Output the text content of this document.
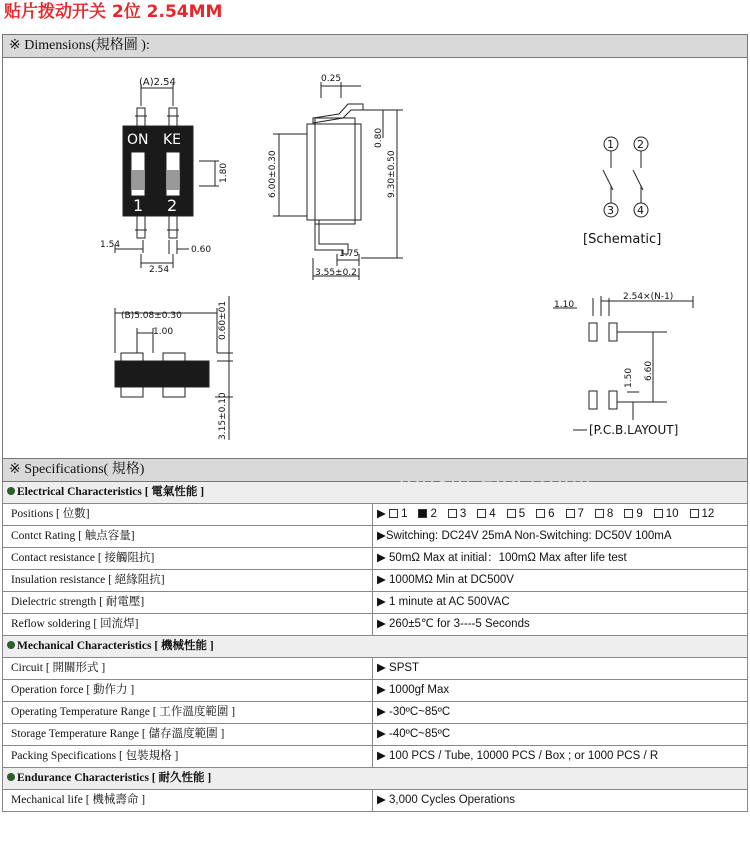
贴片拨动开关 2位 2.54MM
※ Dimensions(規格圖 ):
(A)2.54
ON KE
1 2
1.80
1.54	0.60
2.54
0.25
0.80
6.00±0.30	9.30±0.50
1.75
3.55±0.2
1 2
3 4
[Schematic]
(B)5.08±0.30
1.00	0.60±01
3.15±0.10
1.10
2.54×(N-1)
6.60
1.50
[P.C.B.LAYOUT]
※ Specifications( 規格)
Electrical Characteristics [ 電氣性能 ]
Positions [ 位數]	▶ 1 2 3 4 5 6 7 8 9 10 12
Contct Rating [ 触点容量]	▶Switching: DC24V 25mA Non-Switching: DC50V 100mA
Contact resistance [ 接觸阻抗]	▶ 50mΩ Max at initial：100mΩ Max after life test
Insulation resistance [ 絕緣阻抗]	▶ 1000MΩ Min at DC500V
Dielectric strength [ 耐電壓]	▶ 1 minute at AC 500VAC
Reflow soldering [ 回流焊]	▶ 260±5℃ for 3----5 Seconds
Mechanical Characteristics [ 機械性能 ]
Circuit [ 開關形式 ]	▶ SPST
Operation force [ 動作力 ]	▶ 1000gf Max
Operating Temperature Range [ 工作溫度範圍 ]	▶ -30ºC~85ºC
Storage Temperature Range [ 儲存溫度範圍 ]	▶ -40ºC~85ºC
Packing Specifications [ 包裝規格 ]	▶ 100 PCS / Tube, 10000 PCS / Box ; or 1000 PCS / R
Endurance Characteristics [ 耐久性能 ]
Mechanical life [ 機械壽命 ]	▶ 3,000 Cycles Operations
